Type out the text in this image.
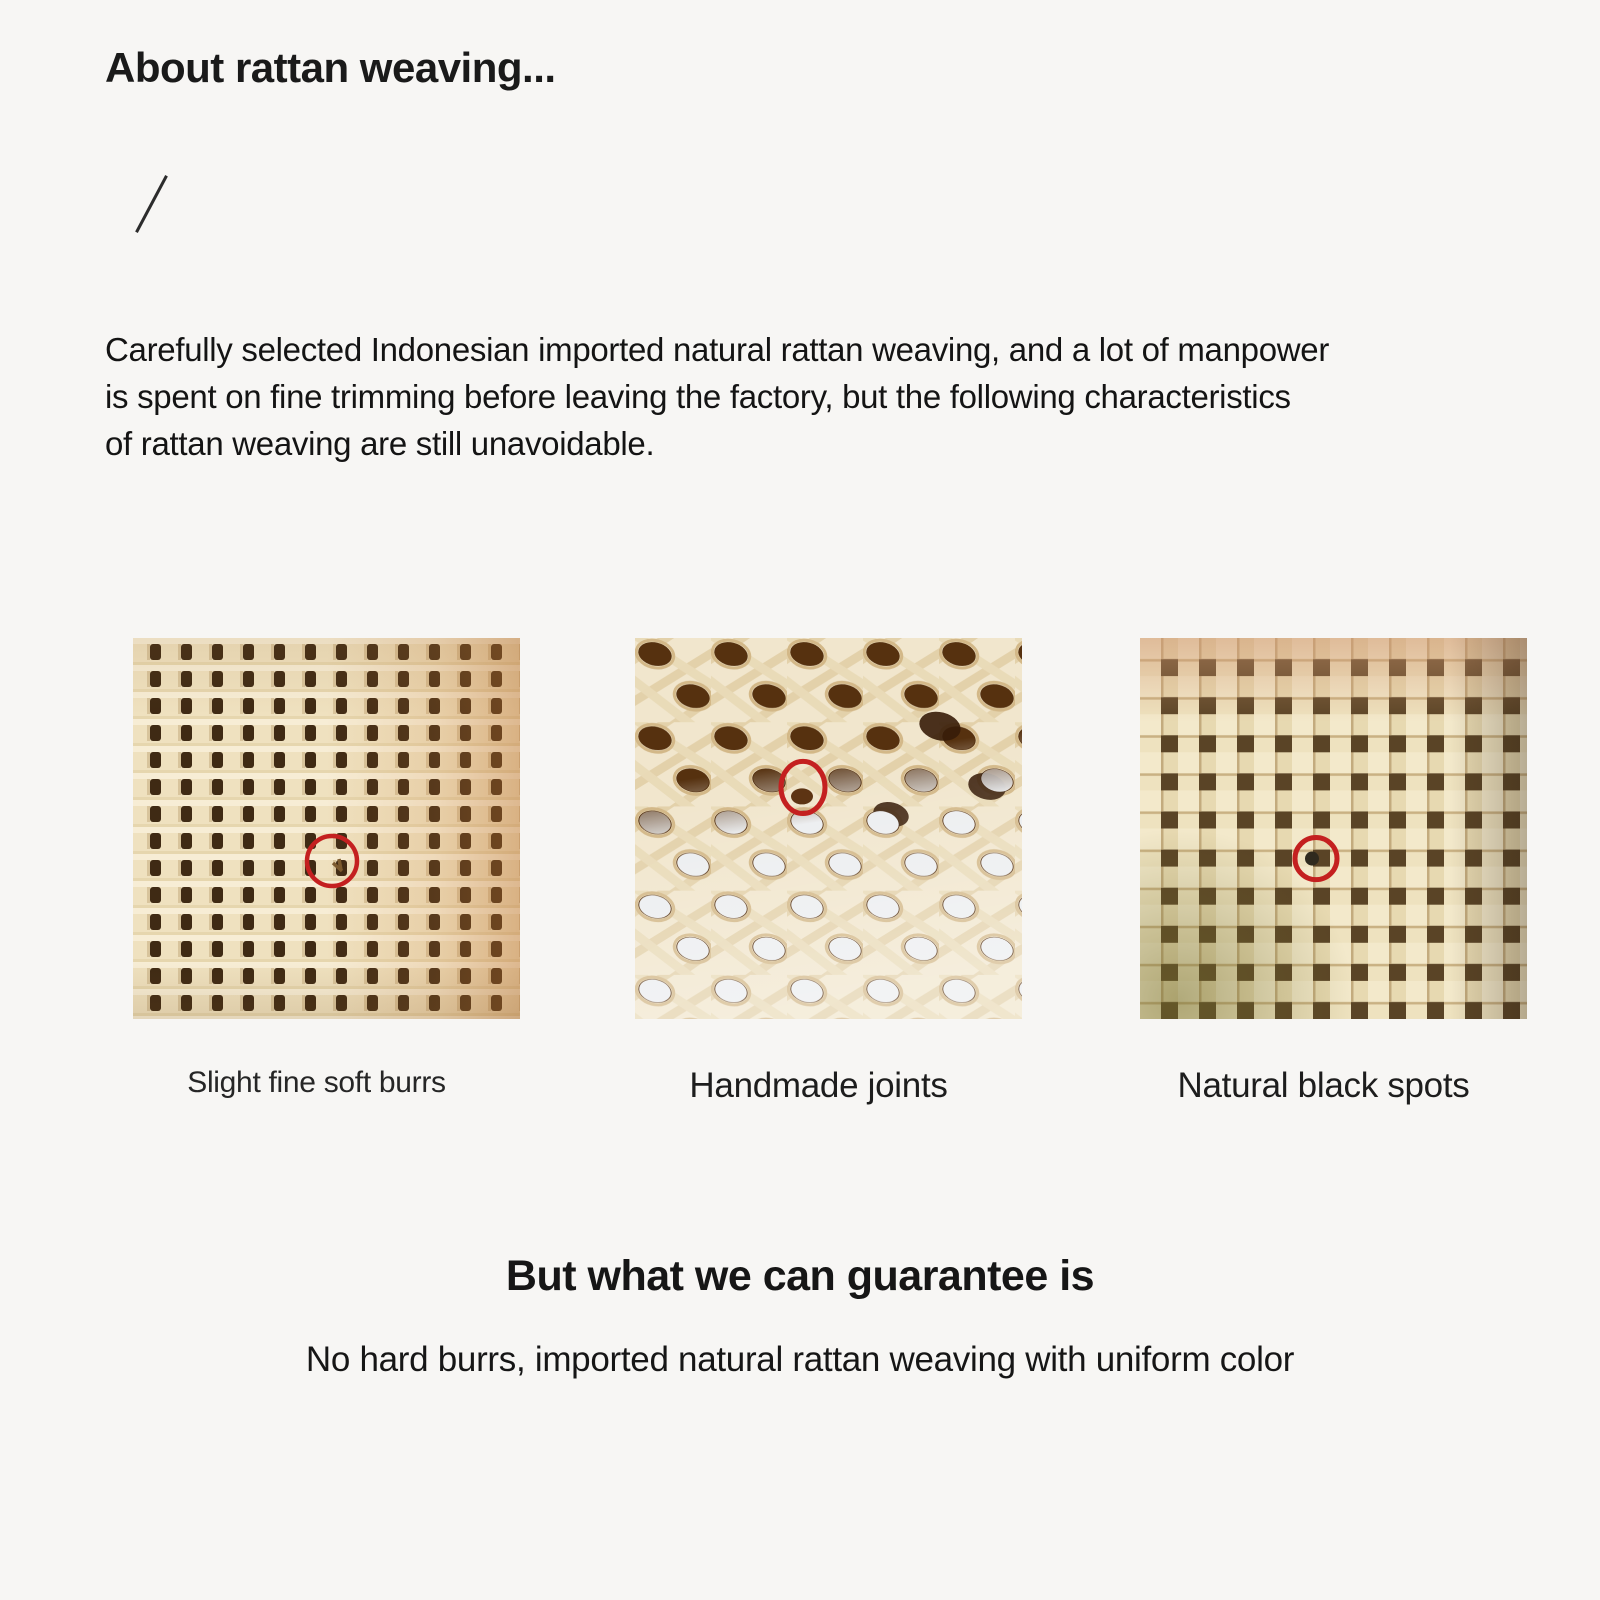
About rattan weaving...
Carefully selected Indonesian imported natural rattan weaving, and a lot of manpower
is spent on fine trimming before leaving the factory, but the following characteristics
of rattan weaving are still unavoidable.
Slight fine soft burrs	Handmade joints	Natural black spots
But what we can guarantee is
No hard burrs, imported natural rattan weaving with uniform color
